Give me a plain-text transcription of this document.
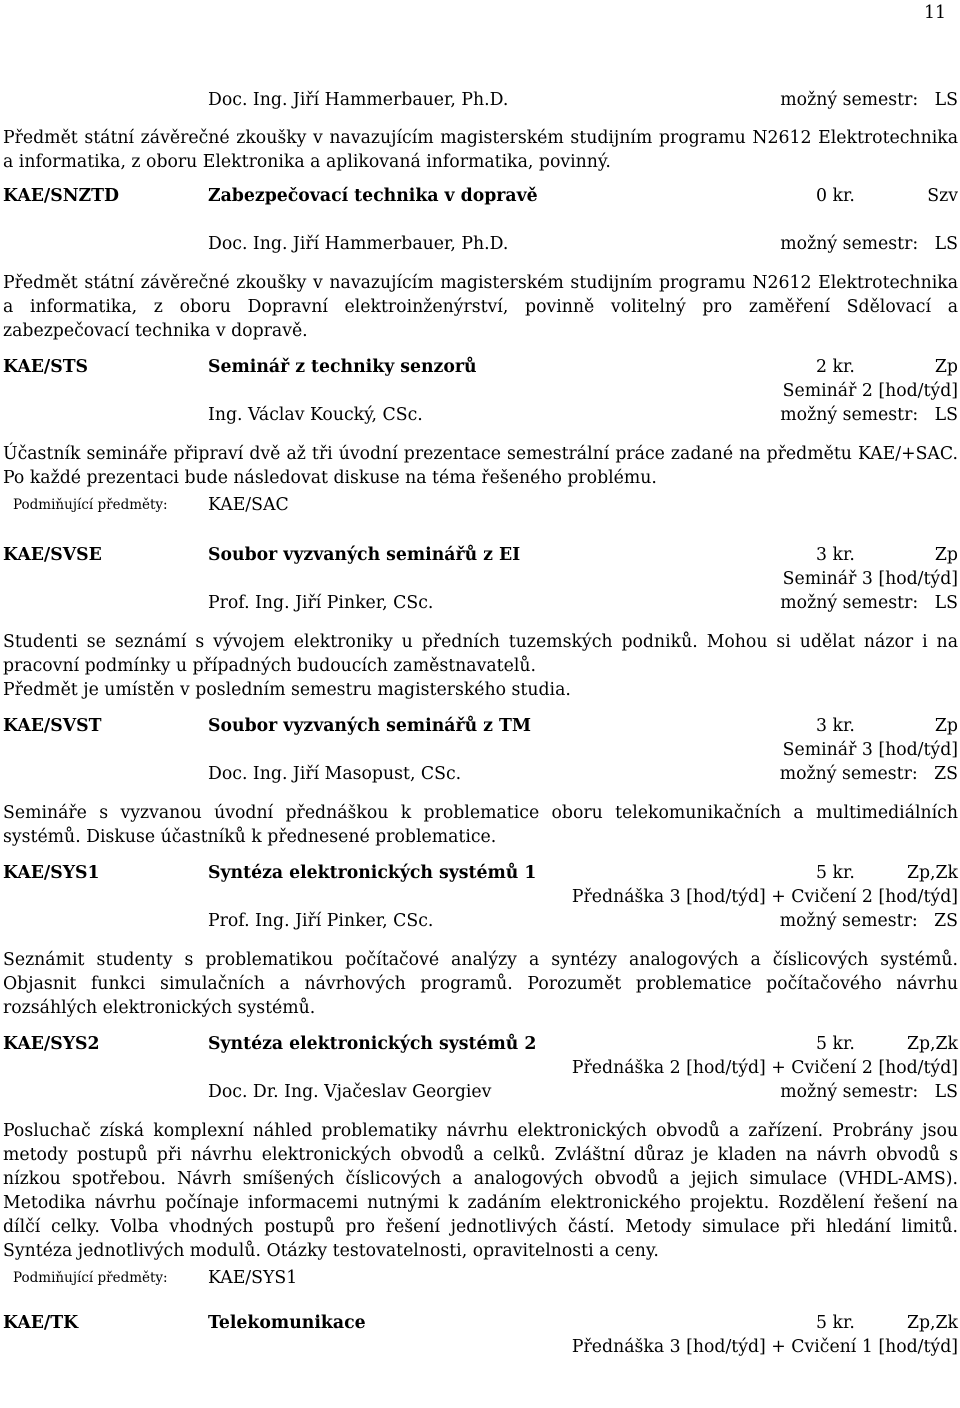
11
Doc. Ing. Jiří Hammerbauer, Ph.D.	možný semestr: LS

Předmět státní závěrečné zkoušky v navazujícím magisterském studijním programu N2612 Elektrotechnika a informatika, z oboru Elektronika a aplikovaná informatika, povinný.

KAE/SNZTD	Zabezpečovací technika v dopravě	0 kr.	Szv
Doc. Ing. Jiří Hammerbauer, Ph.D.	možný semestr: LS

Předmět státní závěrečné zkoušky v navazujícím magisterském studijním programu N2612 Elektrotechnika a informatika, z oboru Dopravní elektroinženýrství, povinně volitelný pro zaměření Sdělovací a zabezpečovací technika v dopravě.

KAE/STS	Seminář z techniky senzorů	2 kr.	Zp
Seminář 2 [hod/týd]
Ing. Václav Koucký, CSc.	možný semestr: LS

Účastník semináře připraví dvě až tři úvodní prezentace semestrální práce zadané na předmětu KAE/+SAC. Po každé prezentaci bude následovat diskuse na téma řešeného problému.

Podmiňující předměty: KAE/SAC
KAE/SVSE	Soubor vyzvaných seminářů z EI	3 kr.	Zp
Seminář 3 [hod/týd]
Prof. Ing. Jiří Pinker, CSc.	možný semestr: LS

Studenti se seznámí s vývojem elektroniky u předních tuzemských podniků. Mohou si udělat názor i na pracovní podmínky u případných budoucích zaměstnavatelů.

Předmět je umístěn v posledním semestru magisterského studia.

KAE/SVST	Soubor vyzvaných seminářů z TM	3 kr.	Zp
Seminář 3 [hod/týd]
Doc. Ing. Jiří Masopust, CSc.	možný semestr: ZS

Semináře s vyzvanou úvodní přednáškou k problematice oboru telekomunikačních a multimediálních systémů. Diskuse účastníků k přednesené problematice.

KAE/SYS1	Syntéza elektronických systémů 1	5 kr.	Zp,Zk
Přednáška 3 [hod/týd] + Cvičení 2 [hod/týd]
Prof. Ing. Jiří Pinker, CSc.	možný semestr: ZS

Seznámit studenty s problematikou počítačové analýzy a syntézy analogových a číslicových systémů. Objasnit funkci simulačních a návrhových programů. Porozumět problematice počítačového návrhu rozsáhlých elektronických systémů.

KAE/SYS2	Syntéza elektronických systémů 2	5 kr.	Zp,Zk
Přednáška 2 [hod/týd] + Cvičení 2 [hod/týd]
Doc. Dr. Ing. Vjačeslav Georgiev	možný semestr: LS

Posluchač získá komplexní náhled problematiky návrhu elektronických obvodů a zařízení. Probrány jsou metody postupů při návrhu elektronických obvodů a celků. Zvláštní důraz je kladen na návrh obvodů s nízkou spotřebou. Návrh smíšených číslicových a analogových obvodů a jejich simulace (VHDL-AMS). Metodika návrhu počínaje informacemi nutnými k zadáním elektronického projektu. Rozdělení řešení na dílčí celky. Volba vhodných postupů pro řešení jednotlivých částí. Metody simulace při hledání limitů. Syntéza jednotlivých modulů. Otázky testovatelnosti, opravitelnosti a ceny.

Podmiňující předměty: KAE/SYS1
KAE/TK	Telekomunikace	5 kr.	Zp,Zk
Přednáška 3 [hod/týd] + Cvičení 1 [hod/týd]
